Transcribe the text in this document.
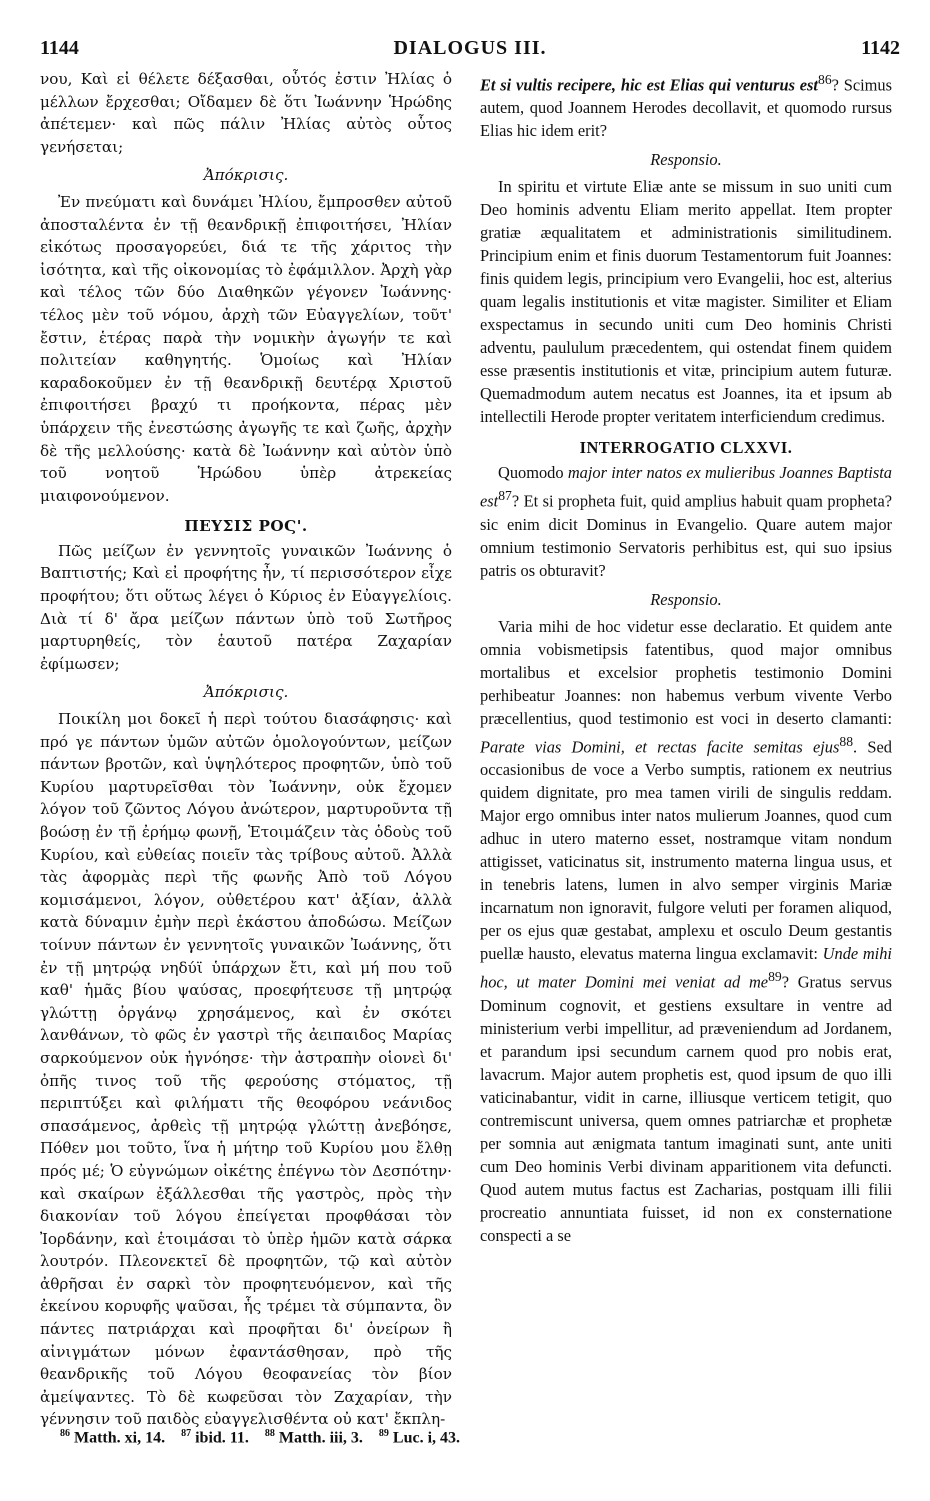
1144	DIALOGUS III.	1142

νου, Καὶ εἰ θέλετε δέξασθαι, οὗτός ἐστιν Ἠλίας ὁ μέλλων ἔρχεσθαι; Οἴδαμεν δὲ ὅτι Ἰωάννην Ἡρώδης ἀπέτεμεν· καὶ πῶς πάλιν Ἠλίας αὐτὸς οὗτος γενήσεται;

Ἀπόκρισις.

Ἐν πνεύματι καὶ δυνάμει Ἠλίου, ἔμπροσθεν αὐτοῦ ἀποσταλέντα ἐν τῇ θεανδρικῇ ἐπιφοιτήσει, Ἠλίαν εἰκότως προσαγορεύει, διά τε τῆς χάριτος τὴν ἰσότητα, καὶ τῆς οἰκονομίας τὸ ἐφάμιλλον. Ἀρχὴ γὰρ καὶ τέλος τῶν δύο Διαθηκῶν γέγονεν Ἰωάννης· τέλος μὲν τοῦ νόμου, ἀρχὴ τῶν Εὐαγγελίων, τοῦτ' ἔστιν, ἑτέρας παρὰ τὴν νομικὴν ἀγωγήν τε καὶ πολιτείαν καθηγητής. Ὁμοίως καὶ Ἠλίαν καραδοκοῦμεν ἐν τῇ θεανδρικῇ δευτέρᾳ Χριστοῦ ἐπιφοιτήσει βραχύ τι προήκοντα, πέρας μὲν ὑπάρχειν τῆς ἐνεστώσης ἀγωγῆς τε καὶ ζωῆς, ἀρχὴν δὲ τῆς μελλούσης· κατὰ δὲ Ἰωάννην καὶ αὐτὸν ὑπὸ τοῦ νοητοῦ Ἡρώδου ὑπὲρ ἀτρεκείας μιαιφονούμενον.

ΠΕΥΣΙΣ ΡΟϚ'.

Πῶς μείζων ἐν γεννητοῖς γυναικῶν Ἰωάννης ὁ Βαπτιστής; Καὶ εἰ προφήτης ἦν, τί περισσότερον εἶχε προφήτου; ὅτι οὕτως λέγει ὁ Κύριος ἐν Εὐαγγελίοις. Διὰ τί δ' ἄρα μείζων πάντων ὑπὸ τοῦ Σωτῆρος μαρτυρηθείς, τὸν ἑαυτοῦ πατέρα Ζαχαρίαν ἐφίμωσεν;

Ἀπόκρισις.

Ποικίλη μοι δοκεῖ ἡ περὶ τούτου διασάφησις· καὶ πρό γε πάντων ὑμῶν αὐτῶν ὁμολογούντων, μείζων πάντων βροτῶν, καὶ ὑψηλότερος προφητῶν, ὑπὸ τοῦ Κυρίου μαρτυρεῖσθαι τὸν Ἰωάννην, οὐκ ἔχομεν λόγον τοῦ ζῶντος Λόγου ἀνώτερον, μαρτυροῦντα τῇ βοώσῃ ἐν τῇ ἐρήμῳ φωνῇ, Ἑτοιμάζειν τὰς ὁδοὺς τοῦ Κυρίου, καὶ εὐθείας ποιεῖν τὰς τρίβους αὐτοῦ. Ἀλλὰ τὰς ἀφορμὰς περὶ τῆς φωνῆς Ἀπὸ τοῦ Λόγου κομισάμενοι, λόγον, οὐθετέρου κατ' ἀξίαν, ἀλλὰ κατὰ δύναμιν ἐμὴν περὶ ἑκάστου ἀποδώσω. Μείζων τοίνυν πάντων ἐν γεννητοῖς γυναικῶν Ἰωάννης, ὅτι ἐν τῇ μητρῴᾳ νηδύϊ ὑπάρχων ἔτι, καὶ μή που τοῦ καθ' ἡμᾶς βίου ψαύσας, προεφήτευσε τῇ μητρῴᾳ γλώττῃ ὀργάνῳ χρησάμενος, καὶ ἐν σκότει λανθάνων, τὸ φῶς ἐν γαστρὶ τῆς ἀειπαιδος Μαρίας σαρκούμενον οὐκ ἠγνόησε· τὴν ἀστραπὴν οἱονεὶ δι' ὀπῆς τινος τοῦ τῆς φερούσης στόματος, τῇ περιπτύξει καὶ φιλήματι τῆς θεοφόρου νεάνιδος σπασάμενος, ἀρθεὶς τῇ μητρῴᾳ γλώττῃ ἀνεβόησε, Πόθεν μοι τοῦτο, ἵνα ἡ μήτηρ τοῦ Κυρίου μου ἔλθῃ πρός μέ; Ὁ εὐγνώμων οἰκέτης ἐπέγνω τὸν Δεσπότην· καὶ σκαίρων ἐξάλλεσθαι τῆς γαστρὸς, πρὸς τὴν διακονίαν τοῦ λόγου ἐπείγεται προφθάσαι τὸν Ἰορδάνην, καὶ ἑτοιμάσαι τὸ ὑπὲρ ἡμῶν κατὰ σάρκα λουτρόν. Πλεονεκτεῖ δὲ προφητῶν, τῷ καὶ αὐτὸν ἀθρῆσαι ἐν σαρκὶ τὸν προφητευόμενον, καὶ τῆς ἐκείνου κορυφῆς ψαῦσαι, ἧς τρέμει τὰ σύμπαντα, ὃν πάντες πατριάρχαι καὶ προφῆται δι' ὀνείρων ἢ αἰνιγμάτων μόνων ἐφαντάσθησαν, πρὸ τῆς θεανδρικῆς τοῦ Λόγου θεοφανείας τὸν βίον ἀμείψαντες. Τὸ δὲ κωφεῦσαι τὸν Ζαχαρίαν, τὴν γέννησιν τοῦ παιδὸς εὐαγγελισθέντα οὐ κατ' ἔκπλη-

Et si vultis recipere, hic est Elias qui venturus est$^{86}$? Scimus autem, quod Joannem Herodes decollavit, et quomodo rursus Elias hic idem erit?

Responsio.

In spiritu et virtute Eliæ ante se missum in suo uniti cum Deo hominis adventu Eliam merito appellat. Item propter gratiæ æqualitatem et administrationis similitudinem. Principium enim et finis duorum Testamentorum fuit Joannes: finis quidem legis, principium vero Evangelii, hoc est, alterius quam legalis institutionis et vitæ magister. Similiter et Eliam exspectamus in secundo uniti cum Deo hominis Christi adventu, paululum præcedentem, qui ostendat finem quidem esse præsentis institutionis et vitæ, principium autem futuræ. Quemadmodum autem necatus est Joannes, ita et ipsum ab intellectili Herode propter veritatem interficiendum credimus.

INTERROGATIO CLXXVI.

Quomodo major inter natos ex mulieribus Joannes Baptista est$^{87}$? Et si propheta fuit, quid amplius habuit quam propheta? sic enim dicit Dominus in Evangelio. Quare autem major omnium testimonio Servatoris perhibitus est, qui suo ipsius patris os obturavit?

Responsio.

Varia mihi de hoc videtur esse declaratio. Et quidem ante omnia vobismetipsis fatentibus, quod major omnibus mortalibus et excelsior prophetis testimonio Domini perhibeatur Joannes: non habemus verbum vivente Verbo præcellentius, quod testimonio est voci in deserto clamanti: Parate vias Domini, et rectas facite semitas ejus$^{88}$. Sed occasionibus de voce a Verbo sumptis, rationem ex neutrius quidem dignitate, pro mea tamen virili de singulis reddam. Major ergo omnibus inter natos mulierum Joannes, quod cum adhuc in utero materno esset, nostramque vitam nondum attigisset, vaticinatus sit, instrumento materna lingua usus, et in tenebris latens, lumen in alvo semper virginis Mariæ incarnatum non ignoravit, fulgore veluti per foramen aliquod, per os ejus quæ gestabat, amplexu et osculo Deum gestantis puellæ hausto, elevatus materna lingua exclamavit: Unde mihi hoc, ut mater Domini mei veniat ad $me^{89}$? Gratus servus Dominum cognovit, et gestiens exsultare in ventre ad ministerium verbi impellitur, ad præveniendum ad Jordanem, et parandum ipsi secundum carnem quod pro nobis erat, lavacrum. Major autem prophetis est, quod ipsum de quo illi vaticinabantur, vidit in carne, illiusque verticem tetigit, quo contremiscunt universa, quem omnes patriarchæ et prophetæ per somnia aut ænigmata tantum imaginati sunt, ante uniti cum Deo hominis Verbi divinam apparitionem vita defuncti. Quod autem mutus factus est Zacharias, postquam illi filii procreatio annuntiata fuisset, id non ex consternatione conspecti a se

$^{86}$ Matth. xi, 14. $^{87}$ ibid. 11. $^{88}$ Matth. iii, 3. $^{89}$ Luc. i, 43.
